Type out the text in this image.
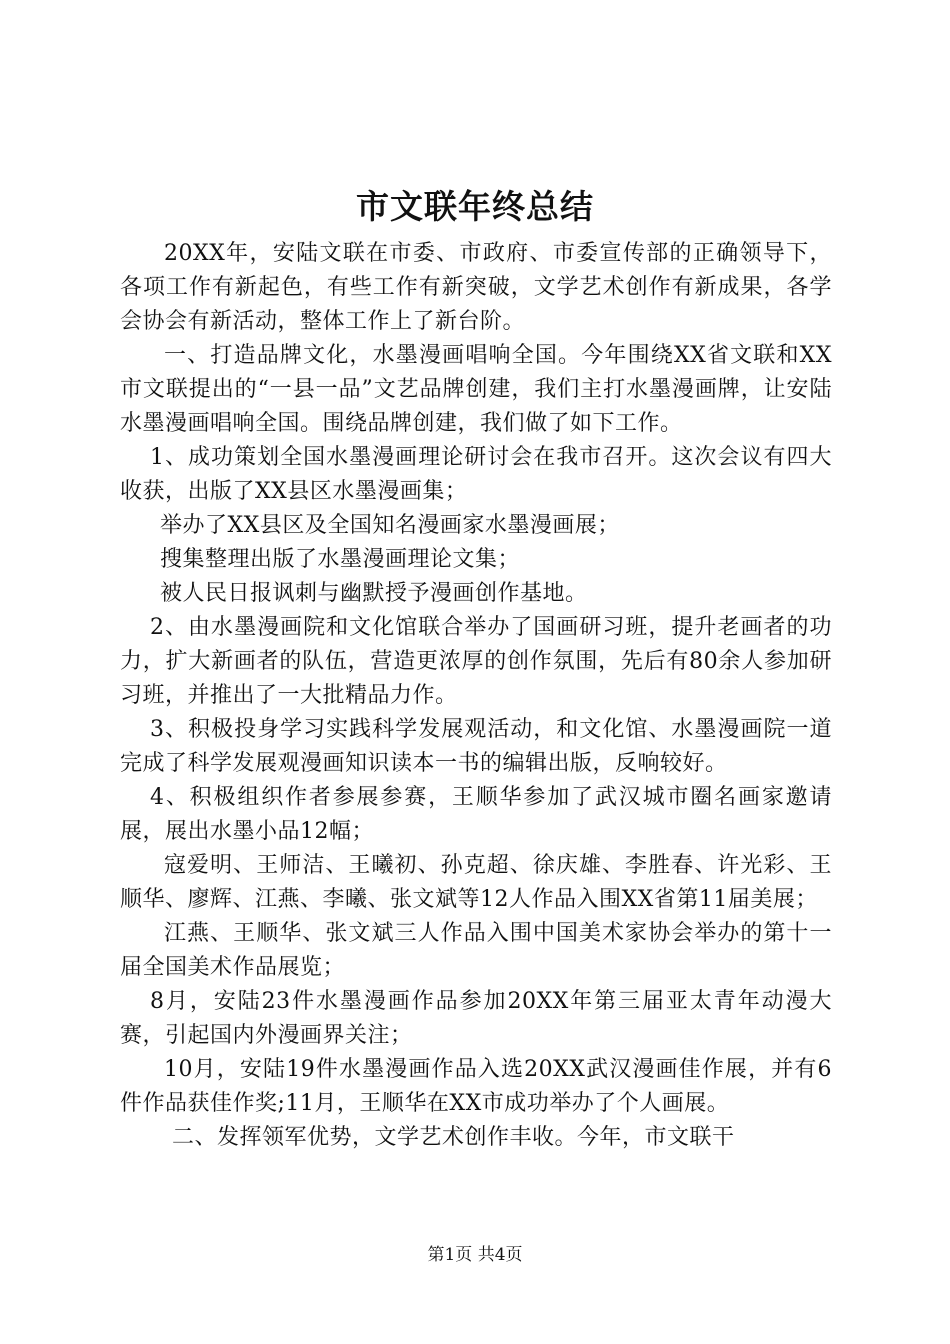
市文联年终总结

20XX年，安陆文联在市委、市政府、市委宣传部的正确领导下，各项工作有新起色，有些工作有新突破，文学艺术创作有新成果，各学会协会有新活动，整体工作上了新台阶。

一、打造品牌文化，水墨漫画唱响全国。今年围绕XX省文联和XX市文联提出的“一县一品”文艺品牌创建，我们主打水墨漫画牌，让安陆水墨漫画唱响全国。围绕品牌创建，我们做了如下工作。

1、成功策划全国水墨漫画理论研讨会在我市召开。这次会议有四大收获，出版了XX县区水墨漫画集；

举办了XX县区及全国知名漫画家水墨漫画展；

搜集整理出版了水墨漫画理论文集；

被人民日报讽刺与幽默授予漫画创作基地。

2、由水墨漫画院和文化馆联合举办了国画研习班，提升老画者的功力，扩大新画者的队伍，营造更浓厚的创作氛围，先后有80余人参加研习班，并推出了一大批精品力作。

3、积极投身学习实践科学发展观活动，和文化馆、水墨漫画院一道完成了科学发展观漫画知识读本一书的编辑出版，反响较好。

4、积极组织作者参展参赛，王顺华参加了武汉城市圈名画家邀请展，展出水墨小品12幅；

寇爱明、王师洁、王曦初、孙克超、徐庆雄、李胜春、许光彩、王顺华、廖辉、江燕、李曦、张文斌等12人作品入围XX省第11届美展；

江燕、王顺华、张文斌三人作品入围中国美术家协会举办的第十一届全国美术作品展览；

8月，安陆23件水墨漫画作品参加20XX年第三届亚太青年动漫大赛，引起国内外漫画界关注；

10月，安陆19件水墨漫画作品入选20XX武汉漫画佳作展，并有6件作品获佳作奖;11月，王顺华在XX市成功举办了个人画展。

二、发挥领军优势，文学艺术创作丰收。今年，市文联干

第1页 共4页
